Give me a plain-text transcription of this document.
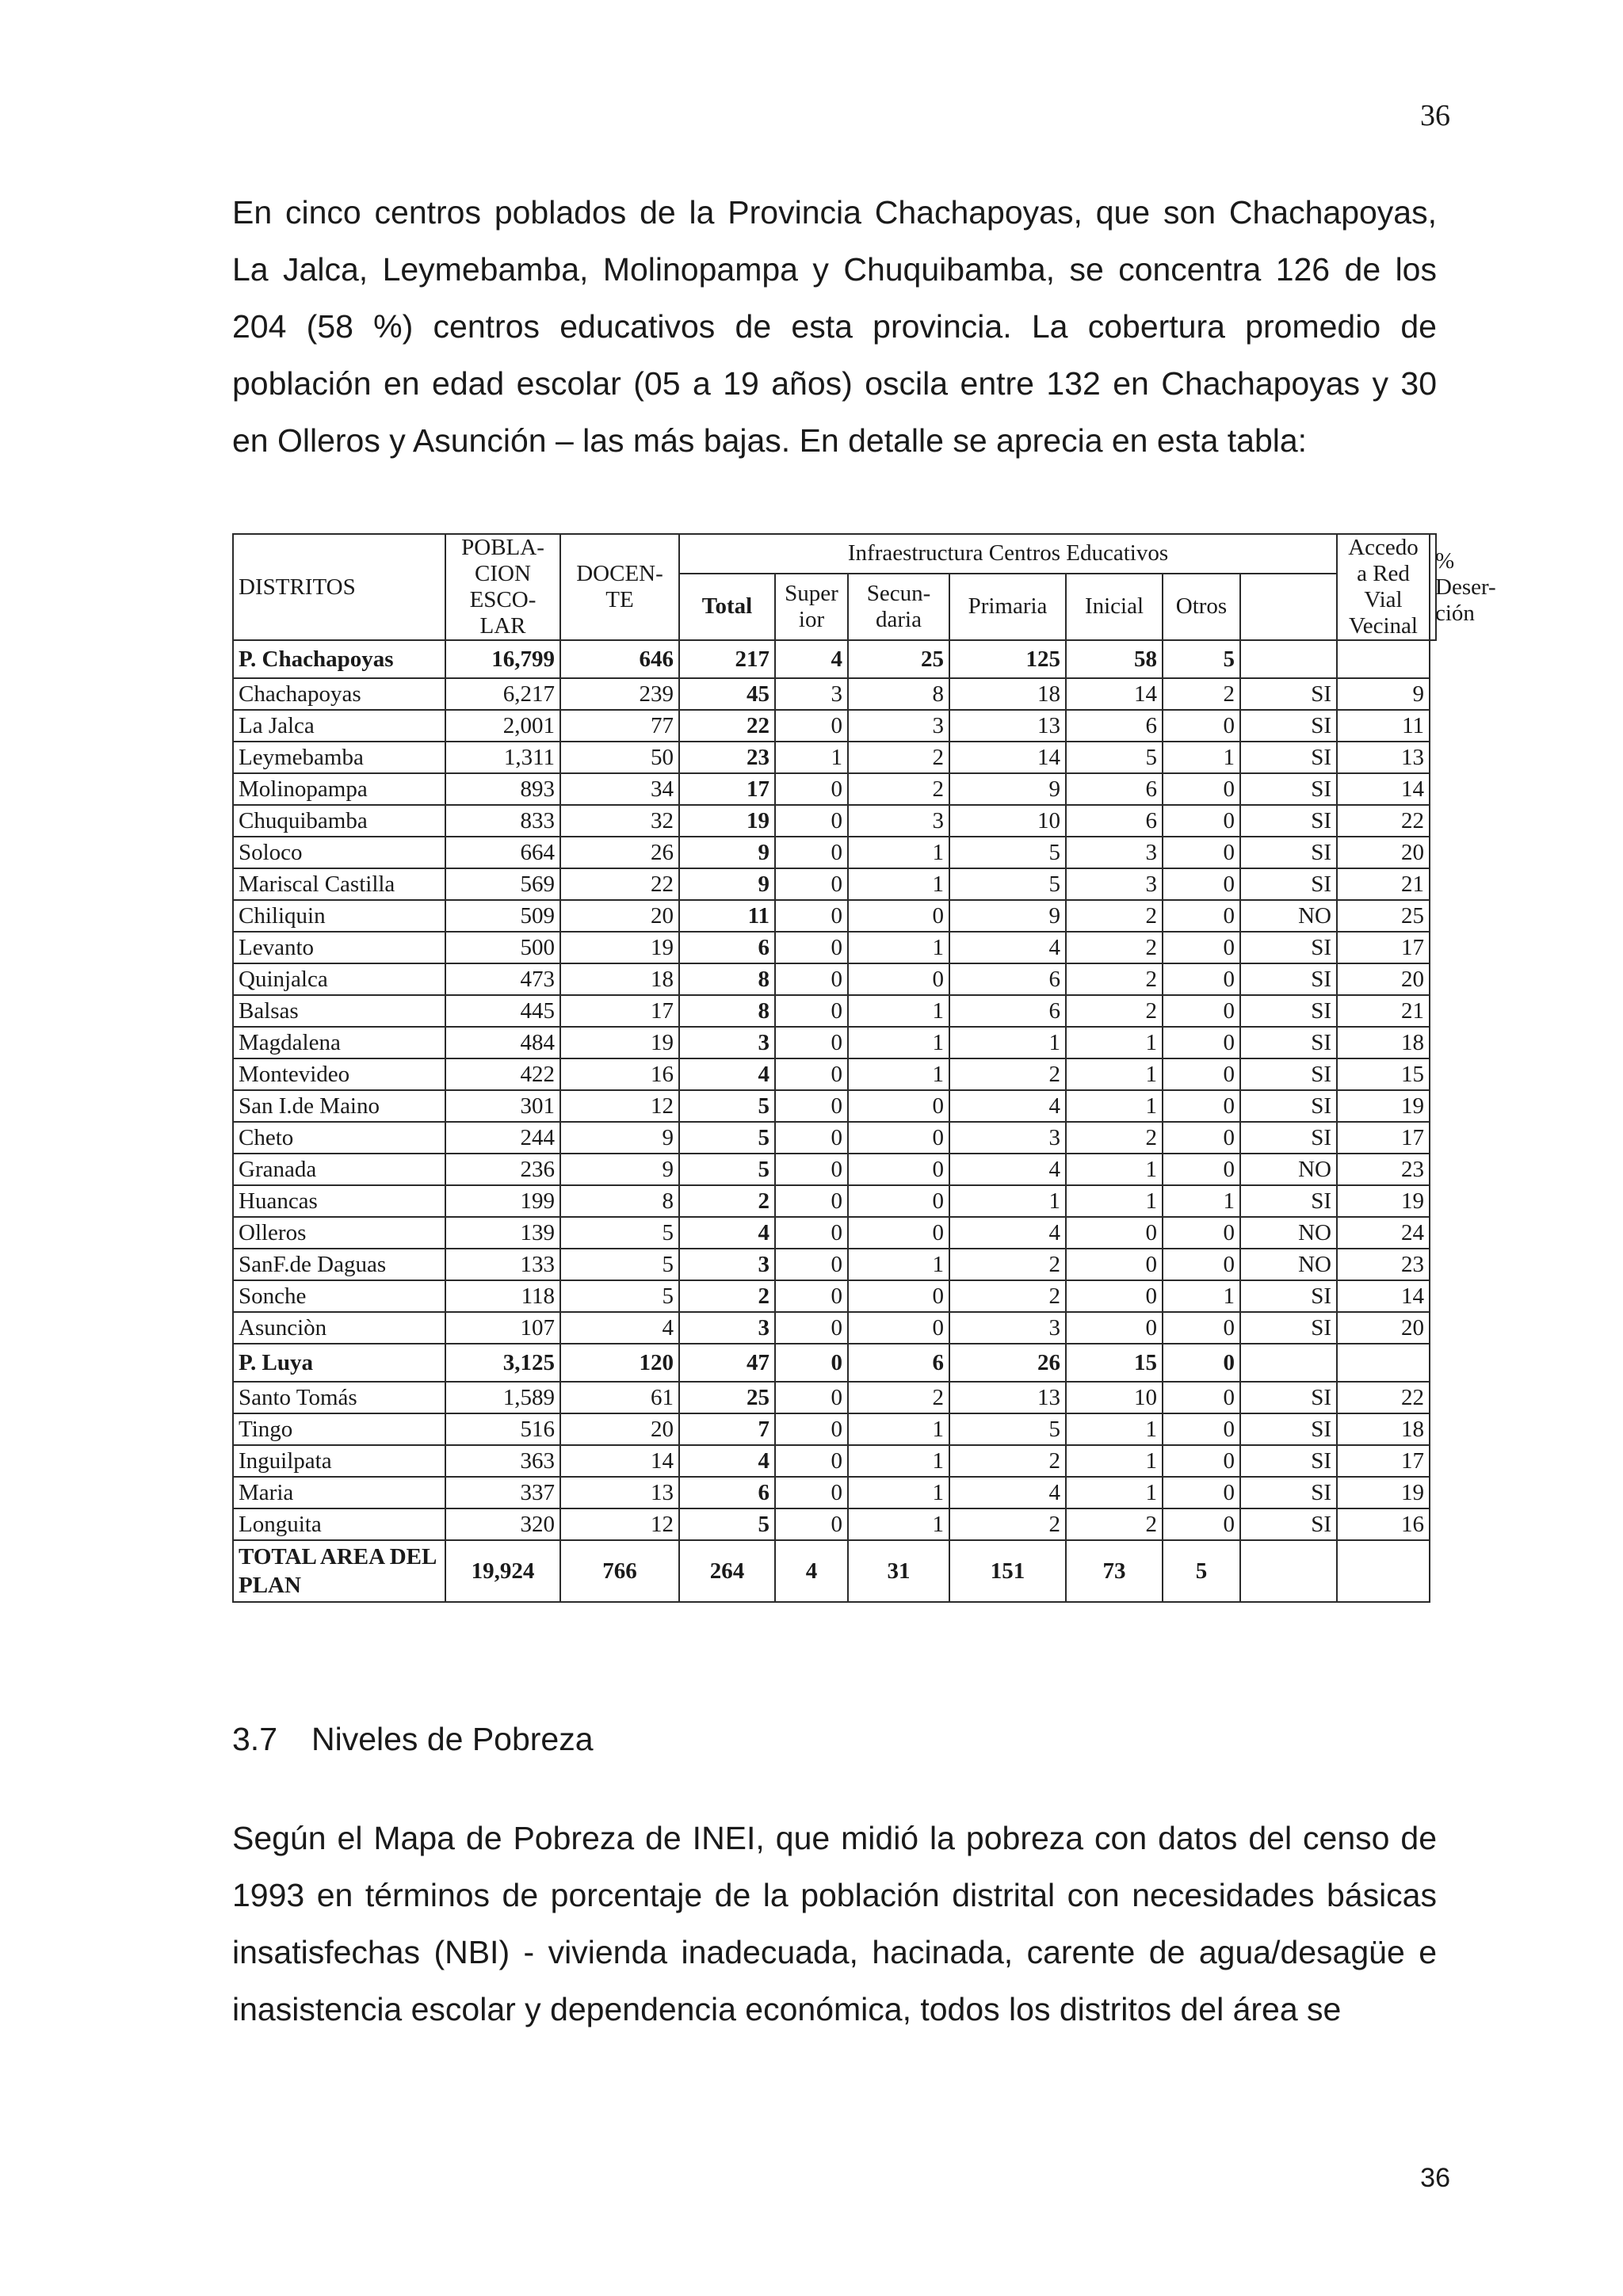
36

En cinco centros poblados de la Provincia Chachapoyas, que son Chachapoyas, La Jalca, Leymebamba, Molinopampa y Chuquibamba, se concentra 126 de los 204 (58 %) centros educativos de esta provincia. La cobertura promedio de población en edad escolar (05 a 19 años) oscila entre 132 en Chachapoyas y 30 en Olleros y Asunción – las más bajas. En detalle se aprecia en esta tabla:

DISTRITOS	POBLA-CION ESCO-LAR	DOCEN-TE	Infraestructura Centros Educativos							Accedo a Red Vial Vecinal	% Deser-ción
			Total	Super ior	Secun- daria	Primaria	Inicial	Otros			
P. Chachapoyas	16,799	646	217	4	25	125	58	5			
Chachapoyas	6,217	239	45	3	8	18	14	2	SI	9	
La Jalca	2,001	77	22	0	3	13	6	0	SI	11	
Leymebamba	1,311	50	23	1	2	14	5	1	SI	13	
Molinopampa	893	34	17	0	2	9	6	0	SI	14	
Chuquibamba	833	32	19	0	3	10	6	0	SI	22	
Soloco	664	26	9	0	1	5	3	0	SI	20	
Mariscal Castilla	569	22	9	0	1	5	3	0	SI	21	
Chiliquin	509	20	11	0	0	9	2	0	NO	25	
Levanto	500	19	6	0	1	4	2	0	SI	17	
Quinjalca	473	18	8	0	0	6	2	0	SI	20	
Balsas	445	17	8	0	1	6	2	0	SI	21	
Magdalena	484	19	3	0	1	1	1	0	SI	18	
Montevideo	422	16	4	0	1	2	1	0	SI	15	
San I.de Maino	301	12	5	0	0	4	1	0	SI	19	
Cheto	244	9	5	0	0	3	2	0	SI	17	
Granada	236	9	5	0	0	4	1	0	NO	23	
Huancas	199	8	2	0	0	1	1	1	SI	19	
Olleros	139	5	4	0	0	4	0	0	NO	24	
SanF.de Daguas	133	5	3	0	1	2	0	0	NO	23	
Sonche	118	5	2	0	0	2	0	1	SI	14	
Asunciòn	107	4	3	0	0	3	0	0	SI	20	
P. Luya	3,125	120	47	0	6	26	15	0			
Santo Tomás	1,589	61	25	0	2	13	10	0	SI	22	
Tingo	516	20	7	0	1	5	1	0	SI	18	
Inguilpata	363	14	4	0	1	2	1	0	SI	17	
Maria	337	13	6	0	1	4	1	0	SI	19	
Longuita	320	12	5	0	1	2	2	0	SI	16	
TOTAL AREA DEL PLAN	19,924	766	264	4	31	151	73	5			
3.7 Niveles de Pobreza

Según el Mapa de Pobreza de INEI, que midió la pobreza con datos del censo de 1993 en términos de porcentaje de la población distrital con necesidades básicas insatisfechas (NBI) - vivienda inadecuada, hacinada, carente de agua/desagüe e inasistencia escolar y dependencia económica, todos los distritos del área se

36
